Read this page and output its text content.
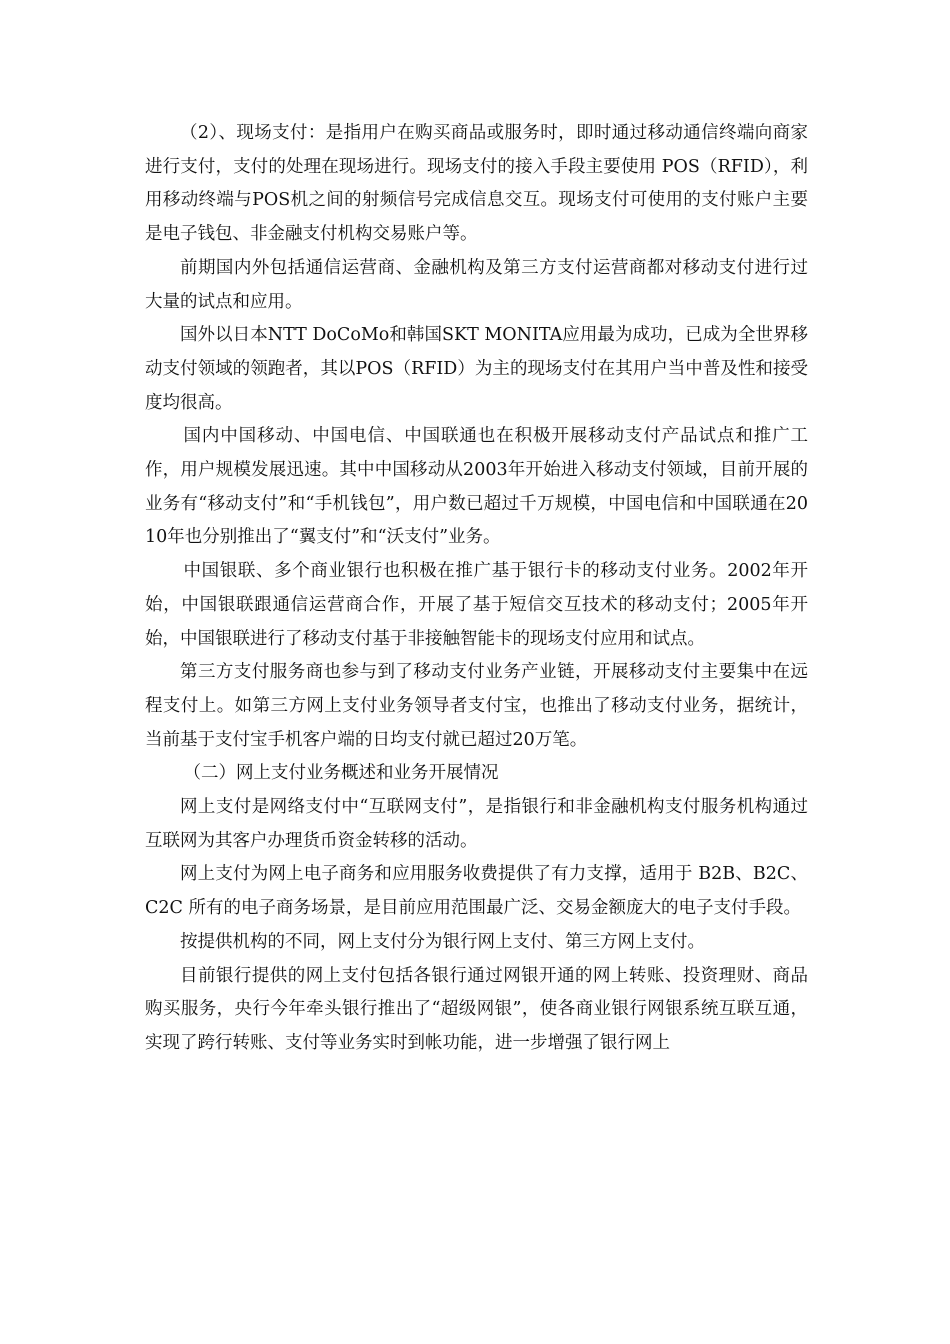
（2）、现场支付：是指用户在购买商品或服务时，即时通过移动通信终端向商家进行支付，支付的处理在现场进行。现场支付的接入手段主要使用 POS（RFID），利用移动终端与POS机之间的射频信号完成信息交互。现场支付可使用的支付账户主要是电子钱包、非金融支付机构交易账户等。

前期国内外包括通信运营商、金融机构及第三方支付运营商都对移动支付进行过大量的试点和应用。

国外以日本NTT DoCoMo和韩国SKT MONITA应用最为成功，已成为全世界移动支付领域的领跑者，其以POS（RFID）为主的现场支付在其用户当中普及性和接受度均很高。

国内中国移动、中国电信、中国联通也在积极开展移动支付产品试点和推广工作，用户规模发展迅速。其中中国移动从2003年开始进入移动支付领域，目前开展的业务有“移动支付”和“手机钱包”，用户数已超过千万规模，中国电信和中国联通在2010年也分别推出了“翼支付”和“沃支付”业务。

中国银联、多个商业银行也积极在推广基于银行卡的移动支付业务。2002年开始，中国银联跟通信运营商合作，开展了基于短信交互技术的移动支付；2005年开始，中国银联进行了移动支付基于非接触智能卡的现场支付应用和试点。

第三方支付服务商也参与到了移动支付业务产业链，开展移动支付主要集中在远程支付上。如第三方网上支付业务领导者支付宝，也推出了移动支付业务，据统计，当前基于支付宝手机客户端的日均支付就已超过20万笔。

（二）网上支付业务概述和业务开展情况

网上支付是网络支付中“互联网支付”，是指银行和非金融机构支付服务机构通过互联网为其客户办理货币资金转移的活动。

网上支付为网上电子商务和应用服务收费提供了有力支撑，适用于 B2B、B2C、C2C 所有的电子商务场景，是目前应用范围最广泛、交易金额庞大的电子支付手段。

按提供机构的不同，网上支付分为银行网上支付、第三方网上支付。

目前银行提供的网上支付包括各银行通过网银开通的网上转账、投资理财、商品购买服务，央行今年牵头银行推出了“超级网银”，使各商业银行网银系统互联互通，实现了跨行转账、支付等业务实时到帐功能，进一步增强了银行网上
